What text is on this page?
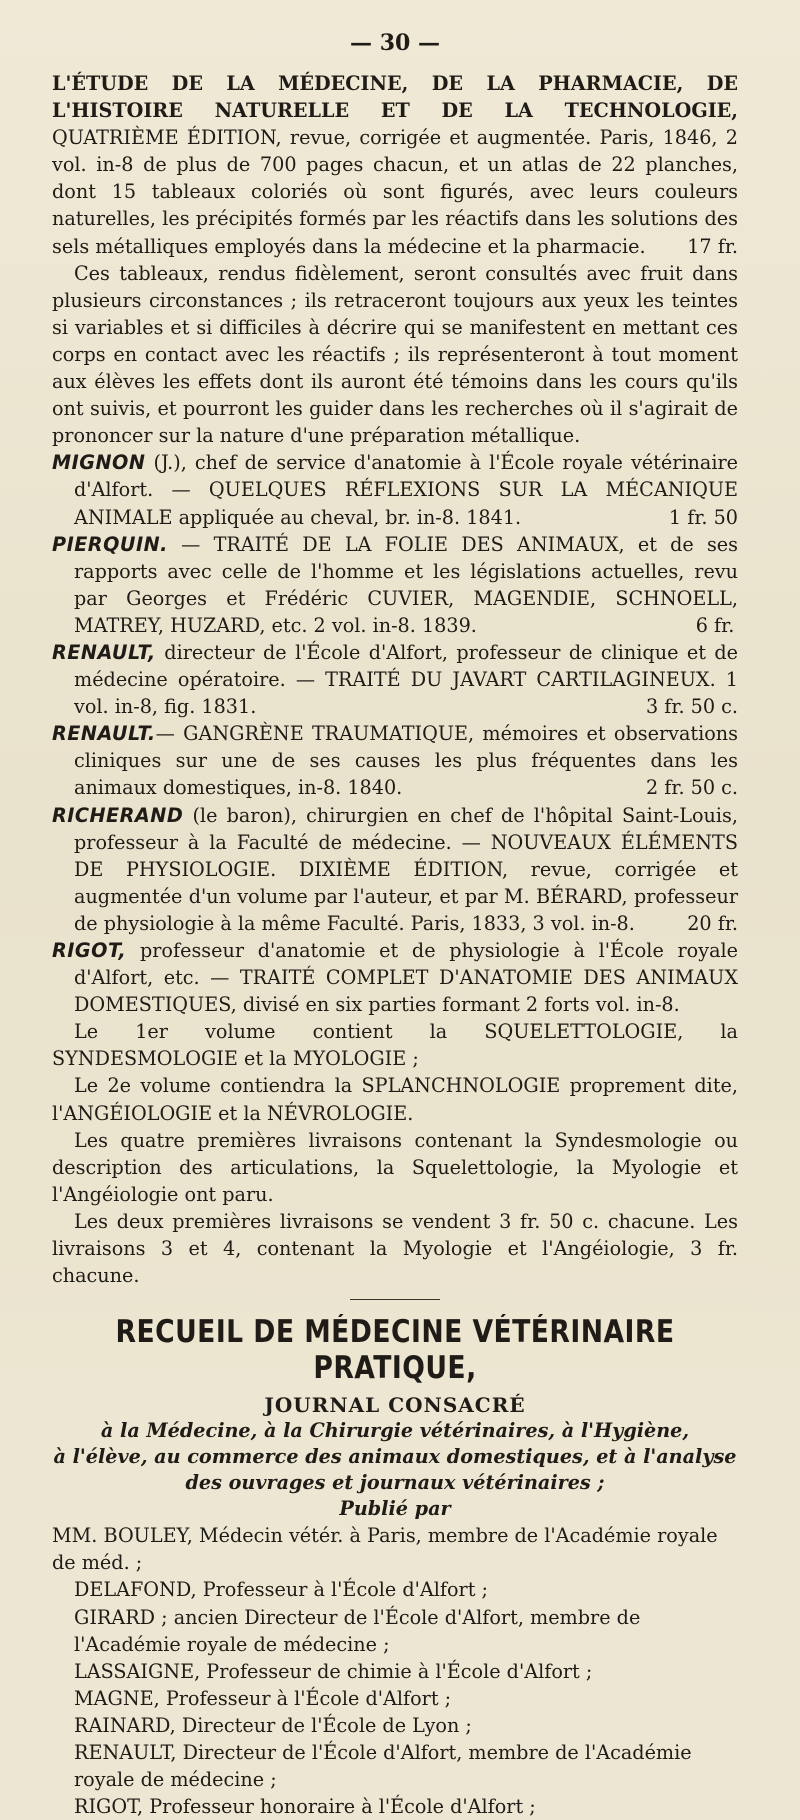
— 30 —

L'ÉTUDE DE LA MÉDECINE, DE LA PHARMACIE, DE L'HISTOIRE NATURELLE ET DE LA TECHNOLOGIE, QUATRIÈME ÉDITION, revue, corrigée et augmentée. Paris, 1846, 2 vol. in-8 de plus de 700 pages chacun, et un atlas de 22 planches, dont 15 tableaux coloriés où sont figurés, avec leurs couleurs naturelles, les précipités formés par les réactifs dans les solutions des sels métalliques employés dans la médecine et la pharmacie. 17 fr.

Ces tableaux, rendus fidèlement, seront consultés avec fruit dans plusieurs circonstances ; ils retraceront toujours aux yeux les teintes si variables et si difficiles à décrire qui se manifestent en mettant ces corps en contact avec les réactifs ; ils représenteront à tout moment aux élèves les effets dont ils auront été témoins dans les cours qu'ils ont suivis, et pourront les guider dans les recherches où il s'agirait de prononcer sur la nature d'une préparation métallique.

MIGNON (J.), chef de service d'anatomie à l'École royale vétérinaire d'Alfort. — QUELQUES RÉFLEXIONS SUR LA MÉCANIQUE ANIMALE appliquée au cheval, br. in-8. 1841.	1 fr. 50

PIERQUIN. — TRAITÉ DE LA FOLIE DES ANIMAUX, et de ses rapports avec celle de l'homme et les législations actuelles, revu par Georges et Frédéric CUVIER, MAGENDIE, SCHNOELL, MATREY, HUZARD, etc. 2 vol. in-8. 1839.	6 fr.

RENAULT, directeur de l'École d'Alfort, professeur de clinique et de médecine opératoire. — TRAITÉ DU JAVART CARTILAGINEUX. 1 vol. in-8, fig. 1831.	3 fr. 50 c.

RENAULT.— GANGRÈNE TRAUMATIQUE, mémoires et observations cliniques sur une de ses causes les plus fréquentes dans les animaux domestiques, in-8. 1840.	2 fr. 50 c.

RICHERAND (le baron), chirurgien en chef de l'hôpital Saint-Louis, professeur à la Faculté de médecine. — NOUVEAUX ÉLÉMENTS DE PHYSIOLOGIE. DIXIÈME ÉDITION, revue, corrigée et augmentée d'un volume par l'auteur, et par M. BÉRARD, professeur de physiologie à la même Faculté. Paris, 1833, 3 vol. in-8.	20 fr.

RIGOT, professeur d'anatomie et de physiologie à l'École royale d'Alfort, etc. — TRAITÉ COMPLET D'ANATOMIE DES ANIMAUX DOMESTIQUES, divisé en six parties formant 2 forts vol. in-8.

Le 1er volume contient la SQUELETTOLOGIE, la SYNDESMOLOGIE et la MYOLOGIE ;

Le 2e volume contiendra la SPLANCHNOLOGIE proprement dite, l'ANGÉIOLOGIE et la NÉVROLOGIE.

Les quatre premières livraisons contenant la Syndesmologie ou description des articulations, la Squelettologie, la Myologie et l'Angéiologie ont paru.

Les deux premières livraisons se vendent 3 fr. 50 c. chacune. Les livraisons 3 et 4, contenant la Myologie et l'Angéiologie, 3 fr. chacune.

RECUEIL DE MÉDECINE VÉTÉRINAIRE PRATIQUE,

JOURNAL CONSACRÉ

à la Médecine, à la Chirurgie vétérinaires, à l'Hygiène,

à l'élève, au commerce des animaux domestiques, et à l'analyse

des ouvrages et journaux vétérinaires ;

Publié par

MM. BOULEY, Médecin vétér. à Paris, membre de l'Académie royale de méd. ;
DELAFOND, Professeur à l'École d'Alfort ;
GIRARD ; ancien Directeur de l'École d'Alfort, membre de l'Académie royale de médecine ;
LASSAIGNE, Professeur de chimie à l'École d'Alfort ;
MAGNE, Professeur à l'École d'Alfort ;
RAINARD, Directeur de l'École de Lyon ;
RENAULT, Directeur de l'École d'Alfort, membre de l'Académie royale de médecine ;
RIGOT, Professeur honoraire à l'École d'Alfort ;
